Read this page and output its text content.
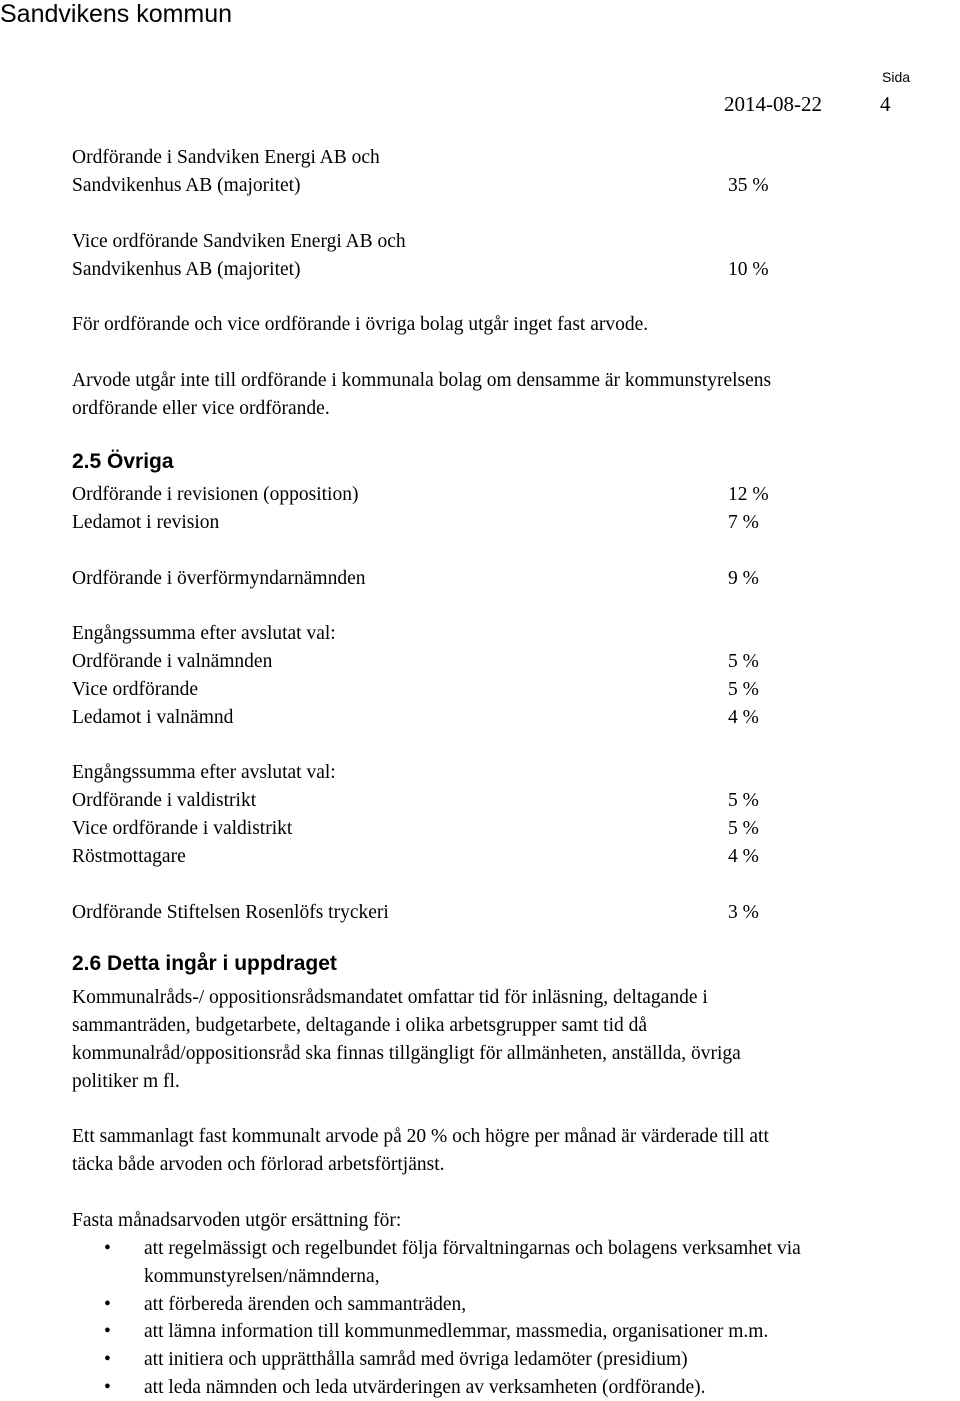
Sandvikens kommun
Sida
2014-08-22	4
Ordförande i Sandviken Energi AB och
Sandvikenhus AB (majoritet)	35 %
Vice ordförande Sandviken Energi AB och
Sandvikenhus AB (majoritet)	10 %
För ordförande och vice ordförande i övriga bolag utgår inget fast arvode.
Arvode utgår inte till ordförande i kommunala bolag om densamme är kommunstyrelsens
ordförande eller vice ordförande.
2.5 Övriga
Ordförande i revisionen (opposition)	12 %
Ledamot i revision	7 %
Ordförande i överförmyndarnämnden	9 %
Engångssumma efter avslutat val:
Ordförande i valnämnden	5 %
Vice ordförande	5 %
Ledamot i valnämnd	4 %
Engångssumma efter avslutat val:
Ordförande i valdistrikt	5 %
Vice ordförande i valdistrikt	5 %
Röstmottagare	4 %
Ordförande Stiftelsen Rosenlöfs tryckeri	3 %
2.6 Detta ingår i uppdraget
Kommunalråds-/ oppositionsrådsmandatet omfattar tid för inläsning, deltagande i
sammanträden, budgetarbete, deltagande i olika arbetsgrupper samt tid då
kommunalråd/oppositionsråd ska finnas tillgängligt för allmänheten, anställda, övriga
politiker m fl.
Ett sammanlagt fast kommunalt arvode på 20 % och högre per månad är värderade till att
täcka både arvoden och förlorad arbetsförtjänst.
Fasta månadsarvoden utgör ersättning för:
• att regelmässigt och regelbundet följa förvaltningarnas och bolagens verksamhet via
kommunstyrelsen/nämnderna,
• att förbereda ärenden och sammanträden,
• att lämna information till kommunmedlemmar, massmedia, organisationer m.m.
• att initiera och upprätthålla samråd med övriga ledamöter (presidium)
• att leda nämnden och leda utvärderingen av verksamheten (ordförande).
